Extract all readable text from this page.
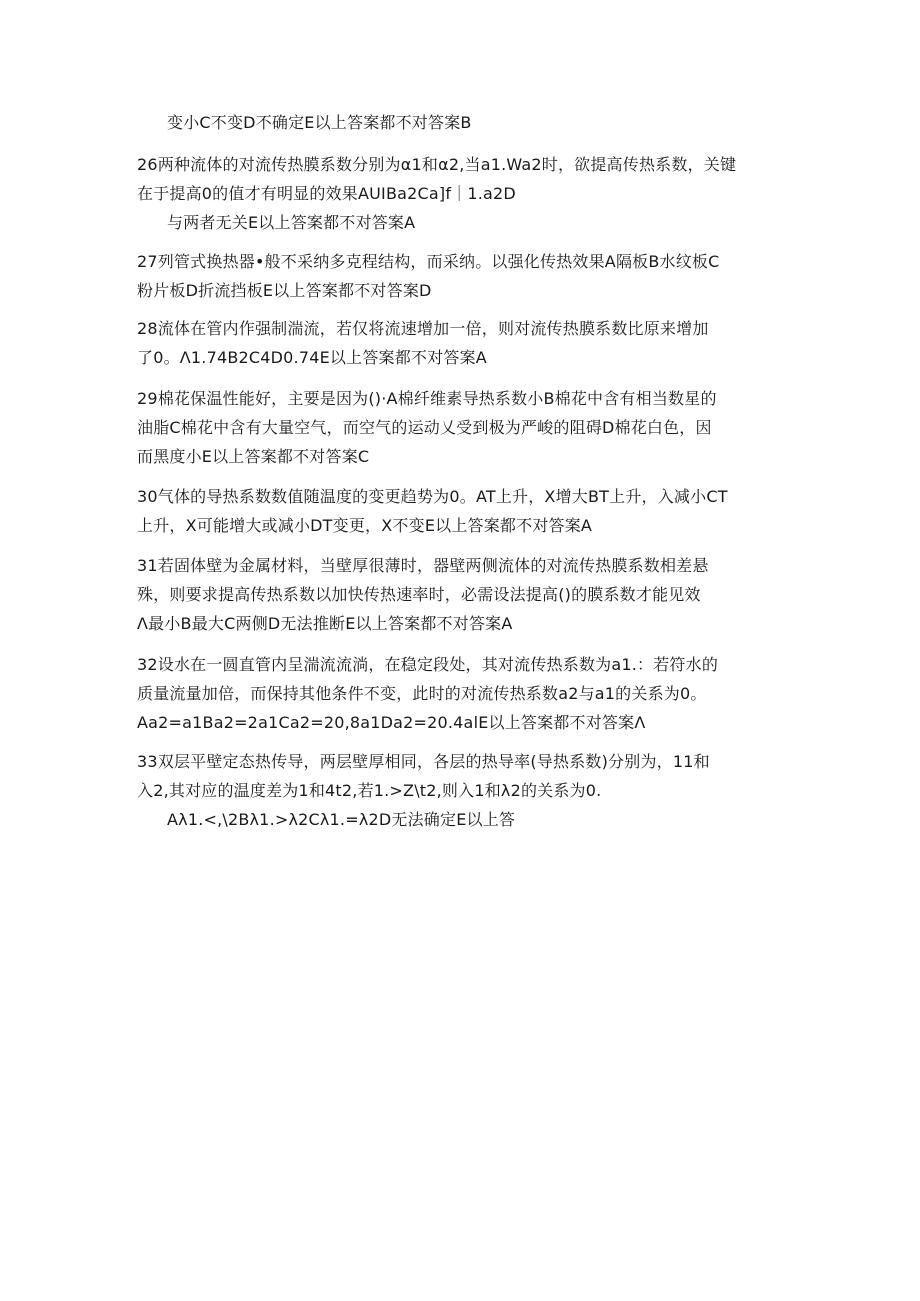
变小C不变D不确定E以上答案都不对答案B
26两种流体的对流传热膜系数分别为α1和α2,当a1.Wa2时，欲提高传热系数，关键
在于提高0的值才有明显的效果AUIBa2Ca]f｜1.a2D
与两者无关E以上答案都不对答案A
27列管式换热器•般不采纳多克程结构，而采纳。以强化传热效果A隔板B水纹板C
粉片板D折流挡板E以上答案都不对答案D
28流体在管内作强制湍流，若仅将流速增加一倍，则对流传热膜系数比原来增加
了0。Λ1.74B2C4D0.74E以上答案都不对答案A
29棉花保温性能好，主要是因为()·A棉纤维素导热系数小B棉花中含有相当数星的
油脂C棉花中含有大量空气，而空气的运动乂受到极为严峻的阻碍D棉花白色，因
而黑度小E以上答案都不对答案C
30气体的导热系数数值随温度的变更趋势为0。AT上升，X增大BT上升，入减小CT
上升，X可能增大或减小DT变更，X不变E以上答案都不对答案A
31若固体壁为金属材料，当壁厚很薄时，器壁两侧流体的对流传热膜系数相差悬
殊，则要求提高传热系数以加快传热速率时，必需设法提高()的膜系数才能见效
Λ最小B最大C两侧D无法推断E以上答案都不对答案A
32设水在一圆直管内呈湍流流淌，在稳定段处，其对流传热系数为a1.：若符水的
质量流量加倍，而保持其他条件不变，此时的对流传热系数a2与a1的关系为0。
Aa2=a1Ba2=2a1Ca2=20,8a1Da2=20.4alE以上答案都不对答案Λ
33双层平壁定态热传导，两层壁厚相同，各层的热导率(导热系数)分别为，11和
入2,其对应的温度差为1和4t2,若1.>Z\t2,则入1和λ2的关系为0.
Aλ1.<,\2Bλ1.>λ2Cλ1.=λ2D无法确定E以上答
